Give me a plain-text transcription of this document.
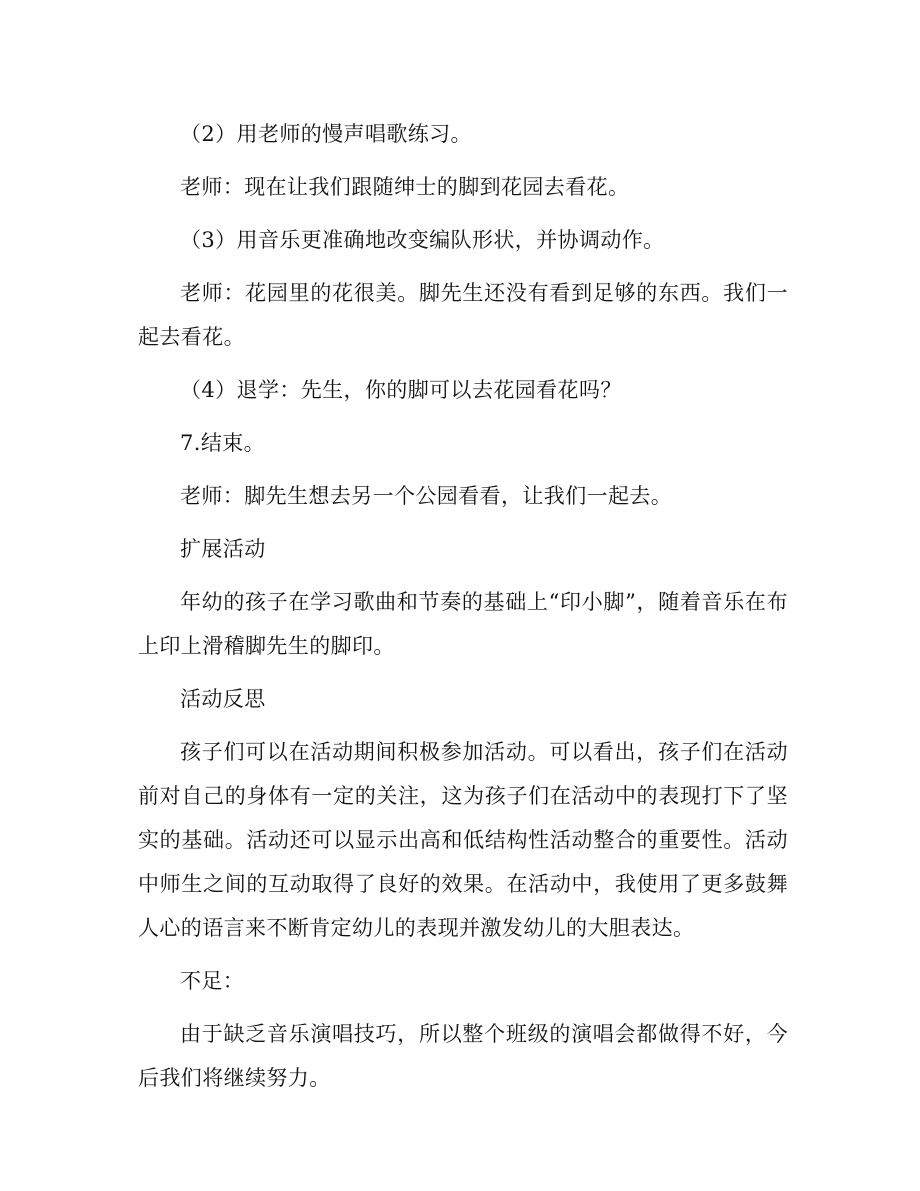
（2）用老师的慢声唱歌练习。

老师：现在让我们跟随绅士的脚到花园去看花。

（3）用音乐更准确地改变编队形状，并协调动作。

老师：花园里的花很美。脚先生还没有看到足够的东西。我们一起去看花。

（4）退学：先生，你的脚可以去花园看花吗？

7.结束。

老师：脚先生想去另一个公园看看，让我们一起去。

扩展活动

年幼的孩子在学习歌曲和节奏的基础上“印小脚”，随着音乐在布上印上滑稽脚先生的脚印。

活动反思

孩子们可以在活动期间积极参加活动。可以看出，孩子们在活动前对自己的身体有一定的关注，这为孩子们在活动中的表现打下了坚实的基础。活动还可以显示出高和低结构性活动整合的重要性。活动中师生之间的互动取得了良好的效果。在活动中，我使用了更多鼓舞人心的语言来不断肯定幼儿的表现并激发幼儿的大胆表达。

不足：

由于缺乏音乐演唱技巧，所以整个班级的演唱会都做得不好，今后我们将继续努力。
